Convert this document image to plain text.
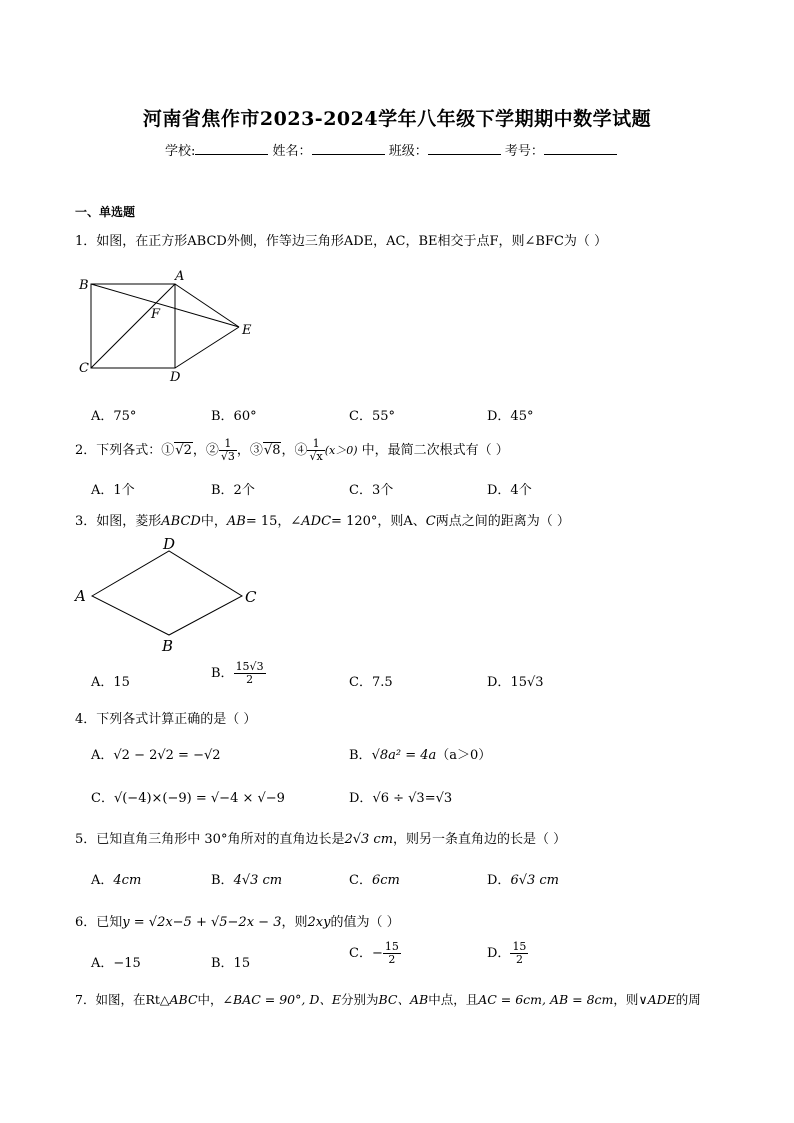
河南省焦作市2023-2024学年八年级下学期期中数学试题
学校:	姓名：	班级：	考号：
一、单选题
1．如图，在正方形ABCD外侧，作等边三角形ADE，AC，BE相交于点F，则∠BFC为（ ）
A
B
C
D
E
F
A．75°	B．60°	C．55°	D．45°
2．下列各式：①√2，② $\frac{1}{√3}$ ，③√8，④ $\frac{1}{√x} (x>0)$ 中，最简二次根式有（ ）
A．1个	B．2个	C．3个	D．4个
3．如图，菱形ABCD中，AB= 15，∠ADC= 120°，则A、C两点之间的距离为（ ）
A
B
C
D
A．15
B． $\frac{15√3}{2}$	C．7.5	D．15√3
4．下列各式计算正确的是（ ）
A．√2 − 2√2 = −√2	B．√8a² = 4a（a＞0）
C．√(−4)×(−9) = √−4 × √−9	D．√6 ÷ √3=√3
5．已知直角三角形中 30°角所对的直角边长是2√3 cm，则另一条直角边的长是（ ）
A．4cm	B．4√3 cm	C．6cm	D．6√3 cm
6．已知y = √2x−5 + √5−2x − 3，则2xy的值为（ ）
A．−15	B．15
C．− $\frac{15}{2}$	D． $\frac{15}{2}$
7．如图，在Rt△ABC中，∠BAC = 90°, D、E分别为BC、AB中点，且AC = 6cm, AB = 8cm，则∨ADE的周
